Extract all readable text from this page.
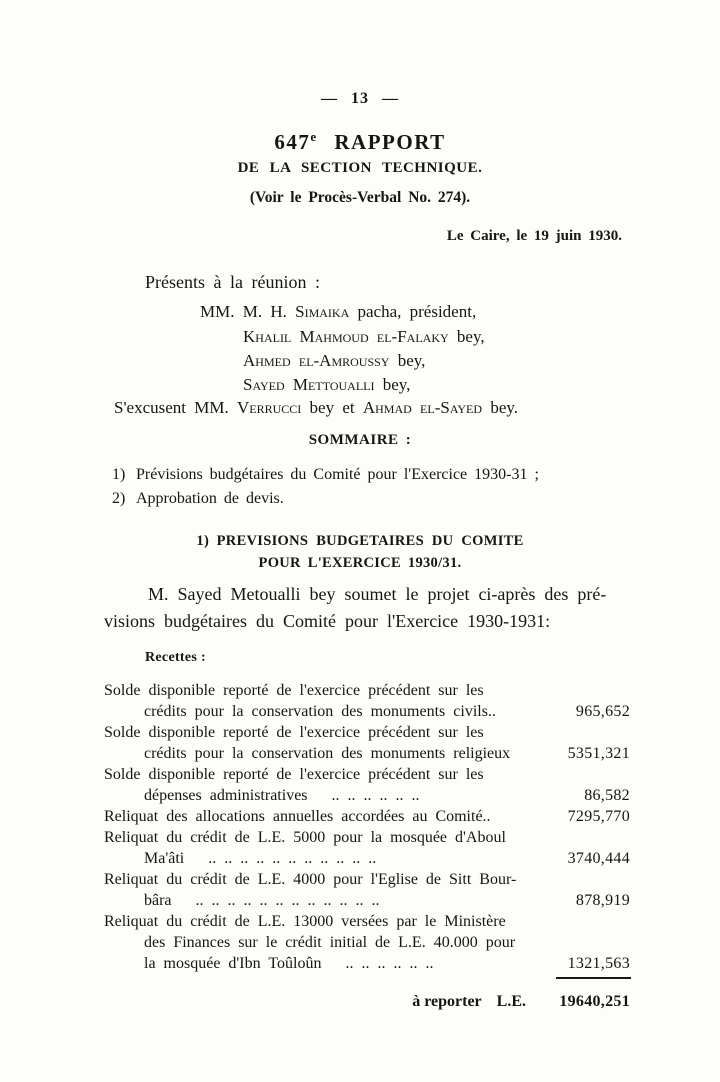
— 13 —
647e RAPPORT
DE LA SECTION TECHNIQUE.
(Voir le Procès-Verbal No. 274).
Le Caire, le 19 juin 1930.
Présents à la réunion :
MM. M. H. Simaika pacha, président,
Khalil Mahmoud el-Falaky bey,
Ahmed el-Amroussy bey,
Sayed Mettoualli bey,
S'excusent MM. Verrucci bey et Ahmad el-Sayed bey.
SOMMAIRE :
1) Prévisions budgétaires du Comité pour l'Exercice 1930-31 ;
2) Approbation de devis.
1) PREVISIONS BUDGETAIRES DU COMITE
POUR L'EXERCICE 1930/31.
M. Sayed Metoualli bey soumet le projet ci-après des pré-
visions budgétaires du Comité pour l'Exercice 1930-1931:
Recettes :
Solde disponible reporté de l'exercice précédent sur les
crédits pour la conservation des monuments civils..	965,652
Solde disponible reporté de l'exercice précédent sur les
crédits pour la conservation des monuments religieux	5351,321
Solde disponible reporté de l'exercice précédent sur les
dépenses administratives  .. .. .. .. .. ..	86,582
Reliquat des allocations annuelles accordées au Comité..	7295,770
Reliquat du crédit de L.E. 5000 pour la mosquée d'Aboul
Ma'âti  .. .. .. .. .. .. .. .. .. .. ..	3740,444
Reliquat du crédit de L.E. 4000 pour l'Eglise de Sitt Bour-
bâra  .. .. .. .. .. .. .. .. .. .. .. ..	878,919
Reliquat du crédit de L.E. 13000 versées par le Ministère
des Finances sur le crédit initial de L.E. 40.000 pour
la mosquée d'Ibn Toûloûn  .. .. .. .. .. ..	1321,563
à reporter L.E. 19640,251
